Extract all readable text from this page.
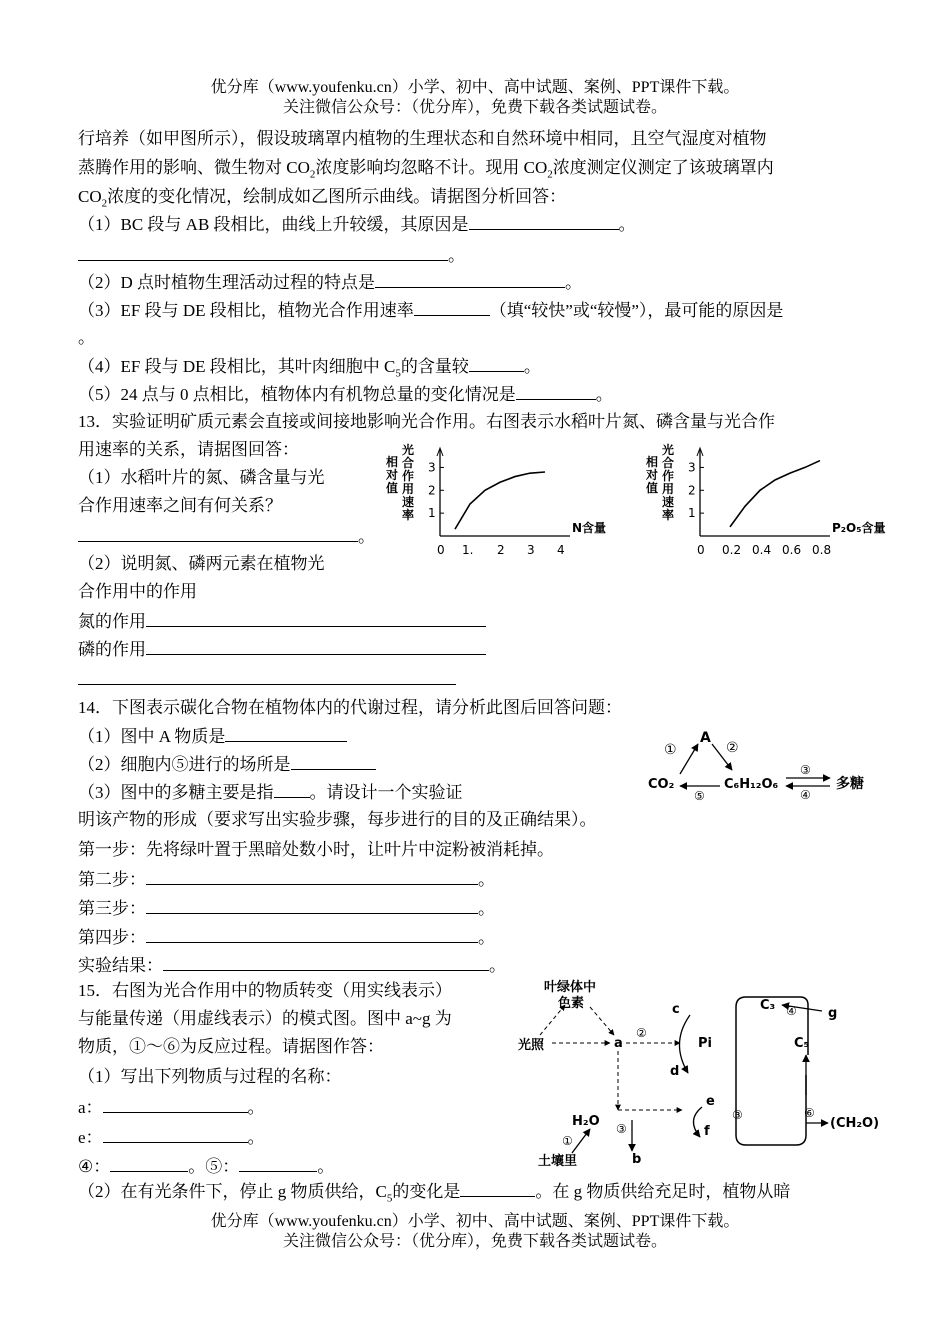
优分库（www.youfenku.cn）小学、初中、高中试题、案例、PPT课件下载。
关注微信公众号：（优分库），免费下载各类试题试卷。
行培养（如甲图所示），假设玻璃罩内植物的生理状态和自然环境中相同，且空气湿度对植物
蒸腾作用的影响、微生物对 $CO_2$浓度影响均忽略不计。现用 $CO_2$浓度测定仪测定了该玻璃罩内
$CO_2$浓度的变化情况，绘制成如乙图所示曲线。请据图分析回答：
（1）BC 段与 AB 段相比，曲线上升较缓，其原因是	。
。
（2）D 点时植物生理活动过程的特点是	。
（3）EF 段与 DE 段相比，植物光合作用速率	（填“较快”或“较慢”），最可能的原因是
。
（4）EF 段与 DE 段相比，其叶肉细胞中 $C_5$的含量较	。
（5）24 点与 0 点相比，植物体内有机物总量的变化情况是	。
13．实验证明矿质元素会直接或间接地影响光合作用。右图表示水稻叶片氮、磷含量与光合作
用速率的关系，请据图回答：
（1）水稻叶片的氮、磷含量与光
合作用速率之间有何关系？
。
（2）说明氮、磷两元素在植物光
合作用中的作用
氮的作用
磷的作用
光
合
作
用
速
率
相
对
值
1
2
3
0 1. 2 3 4
N含量
光
合
作
用
速
率
相
对
值
1
2
3
0 0.2 0.4 0.6 0.8
P₂O₅含量
14．下图表示碳化合物在植物体内的代谢过程，请分析此图后回答问题：
（1）图中 A 物质是
（2）细胞内⑤进行的场所是
（3）图中的多糖主要是指 。请设计一个实验证
明该产物的形成（要求写出实验步骤，每步进行的目的及正确结果）。
第一步：先将绿叶置于黑暗处数小时，让叶片中淀粉被消耗掉。
第二步：	。
第三步：	。
第四步：	。
实验结果：	。
A
①	②
CO₂	C₆H₁₂O₆
⑤
③
④
多糖
15．右图为光合作用中的物质转变（用实线表示）
与能量传递（用虚线表示）的模式图。图中 a~g 为
物质，①～⑥为反应过程。请据图作答：
（1）写出下列物质与过程的名称：
a：	。
e：	。
④：	。⑤：	。
（2）在有光条件下，停止 g 物质供给，$C_5$的变化是	。在 g 物质供给充足时，植物从暗
叶绿体中
色素
光照	a	Pi
c
d
e
f
H₂O
b
土壤里
C₃
g
C₅
(CH₂O)
①
②
③
③
④
⑥
优分库（www.youfenku.cn）小学、初中、高中试题、案例、PPT课件下载。
关注微信公众号：（优分库），免费下载各类试题试卷。
